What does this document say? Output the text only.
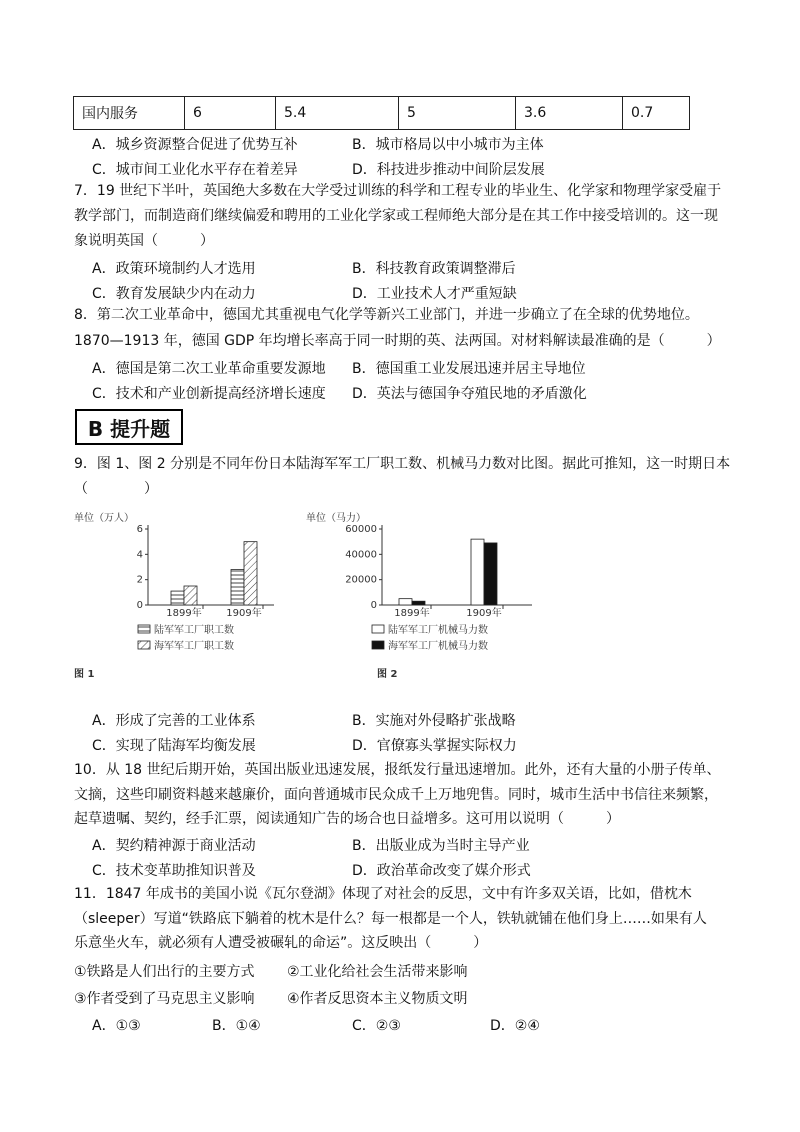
国内服务	6	5.4	5	3.6	0.7
A．城乡资源整合促进了优势互补	B．城市格局以中小城市为主体
C．城市间工业化水平存在着差异	D．科技进步推动中间阶层发展
7．19 世纪下半叶，英国绝大多数在大学受过训练的科学和工程专业的毕业生、化学家和物理学家受雇于
教学部门，而制造商们继续偏爱和聘用的工业化学家或工程师绝大部分是在其工作中接受培训的。这一现
象说明英国（　　　）
A．政策环境制约人才选用	B．科技教育政策调整滞后
C．教育发展缺少内在动力	D．工业技术人才严重短缺
8．第二次工业革命中，德国尤其重视电气化学等新兴工业部门，并进一步确立了在全球的优势地位。
1870—1913 年，德国 GDP 年均增长率高于同一时期的英、法两国。对材料解读最准确的是（　　　）
A．德国是第二次工业革命重要发源地 B．德国重工业发展迅速并居主导地位
C．技术和产业创新提高经济增长速度 D．英法与德国争夺殖民地的矛盾激化
B 提升题
9．图 1、图 2 分别是不同年份日本陆海军军工厂职工数、机械马力数对比图。据此可推知，这一时期日本
（　　　　）
单位（万人）
0
2
4
6
1899年 1909年
陆军军工厂职工数
海军军工厂职工数
图 1
单位（马力）
0
20000
40000
60000
1899年	1909年
陆军军工厂机械马力数
海军军工厂机械马力数
图 2
A．形成了完善的工业体系	B．实施对外侵略扩张战略
C．实现了陆海军均衡发展	D．官僚寡头掌握实际权力
10．从 18 世纪后期开始，英国出版业迅速发展，报纸发行量迅速增加。此外，还有大量的小册子传单、
文摘，这些印刷资料越来越廉价，面向普通城市民众成千上万地兜售。同时，城市生活中书信往来频繁，
起草遗嘱、契约，经手汇票，阅读通知广告的场合也日益增多。这可用以说明（　　　）
A．契约精神源于商业活动	B．出版业成为当时主导产业
C．技术变革助推知识普及	D．政治革命改变了媒介形式
11．1847 年成书的美国小说《瓦尔登湖》体现了对社会的反思，文中有许多双关语，比如，借枕木
（sleeper）写道“铁路底下躺着的枕木是什么？每一根都是一个人，铁轨就铺在他们身上……如果有人
乐意坐火车，就必须有人遭受被碾轧的命运”。这反映出（　　　）
①铁路是人们出行的主要方式 ②工业化给社会生活带来影响
③作者受到了马克思主义影响 ④作者反思资本主义物质文明
A．①③	B．①④	C．②③	D．②④
